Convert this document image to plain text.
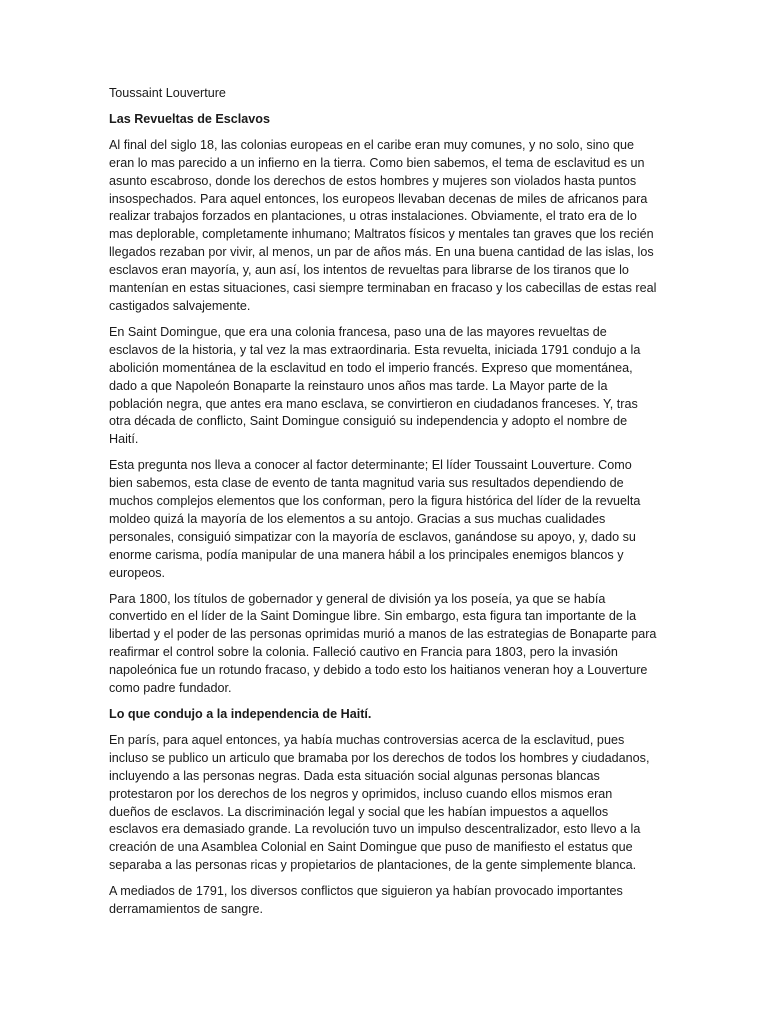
Toussaint Louverture

Las Revueltas de Esclavos

Al final del siglo 18, las colonias europeas en el caribe eran muy comunes, y no solo, sino que eran lo mas parecido a un infierno en la tierra. Como bien sabemos, el tema de esclavitud es un asunto escabroso, donde los derechos de estos hombres y mujeres son violados hasta puntos insospechados. Para aquel entonces, los europeos llevaban decenas de miles de africanos para realizar trabajos forzados en plantaciones, u otras instalaciones. Obviamente, el trato era de lo mas deplorable, completamente inhumano; Maltratos físicos y mentales tan graves que los recién llegados rezaban por vivir, al menos, un par de años más. En una buena cantidad de las islas, los esclavos eran mayoría, y, aun así, los intentos de revueltas para librarse de los tiranos que lo mantenían en estas situaciones, casi siempre terminaban en fracaso y los cabecillas de estas real castigados salvajemente.

En Saint Domingue, que era una colonia francesa, paso una de las mayores revueltas de esclavos de la historia, y tal vez la mas extraordinaria. Esta revuelta, iniciada 1791 condujo a la abolición momentánea de la esclavitud en todo el imperio francés. Expreso que momentánea, dado a que Napoleón Bonaparte la reinstauro unos años mas tarde. La Mayor parte de la población negra, que antes era mano esclava, se convirtieron en ciudadanos franceses. Y, tras otra década de conflicto, Saint Domingue consiguió su independencia y adopto el nombre de Haití.

Esta pregunta nos lleva a conocer al factor determinante; El líder Toussaint Louverture. Como bien sabemos, esta clase de evento de tanta magnitud varia sus resultados dependiendo de muchos complejos elementos que los conforman, pero la figura histórica del líder de la revuelta moldeo quizá la mayoría de los elementos a su antojo. Gracias a sus muchas cualidades personales, consiguió simpatizar con la mayoría de esclavos, ganándose su apoyo, y, dado su enorme carisma, podía manipular de una manera hábil a los principales enemigos blancos y europeos.

Para 1800, los títulos de gobernador y general de división ya los poseía, ya que se había convertido en el líder de la Saint Domingue libre. Sin embargo, esta figura tan importante de la libertad y el poder de las personas oprimidas murió a manos de las estrategias de Bonaparte para reafirmar el control sobre la colonia. Falleció cautivo en Francia para 1803, pero la invasión napoleónica fue un rotundo fracaso, y debido a todo esto los haitianos veneran hoy a Louverture como padre fundador.

Lo que condujo a la independencia de Haití.

En parís, para aquel entonces, ya había muchas controversias acerca de la esclavitud, pues incluso se publico un articulo que bramaba por los derechos de todos los hombres y ciudadanos, incluyendo a las personas negras. Dada esta situación social algunas personas blancas protestaron por los derechos de los negros y oprimidos, incluso cuando ellos mismos eran dueños de esclavos. La discriminación legal y social que les habían impuestos a aquellos esclavos era demasiado grande. La revolución tuvo un impulso descentralizador, esto llevo a la creación de una Asamblea Colonial en Saint Domingue que puso de manifiesto el estatus que separaba a las personas ricas y propietarios de plantaciones, de la gente simplemente blanca.

A mediados de 1791, los diversos conflictos que siguieron ya habían provocado importantes derramamientos de sangre.
